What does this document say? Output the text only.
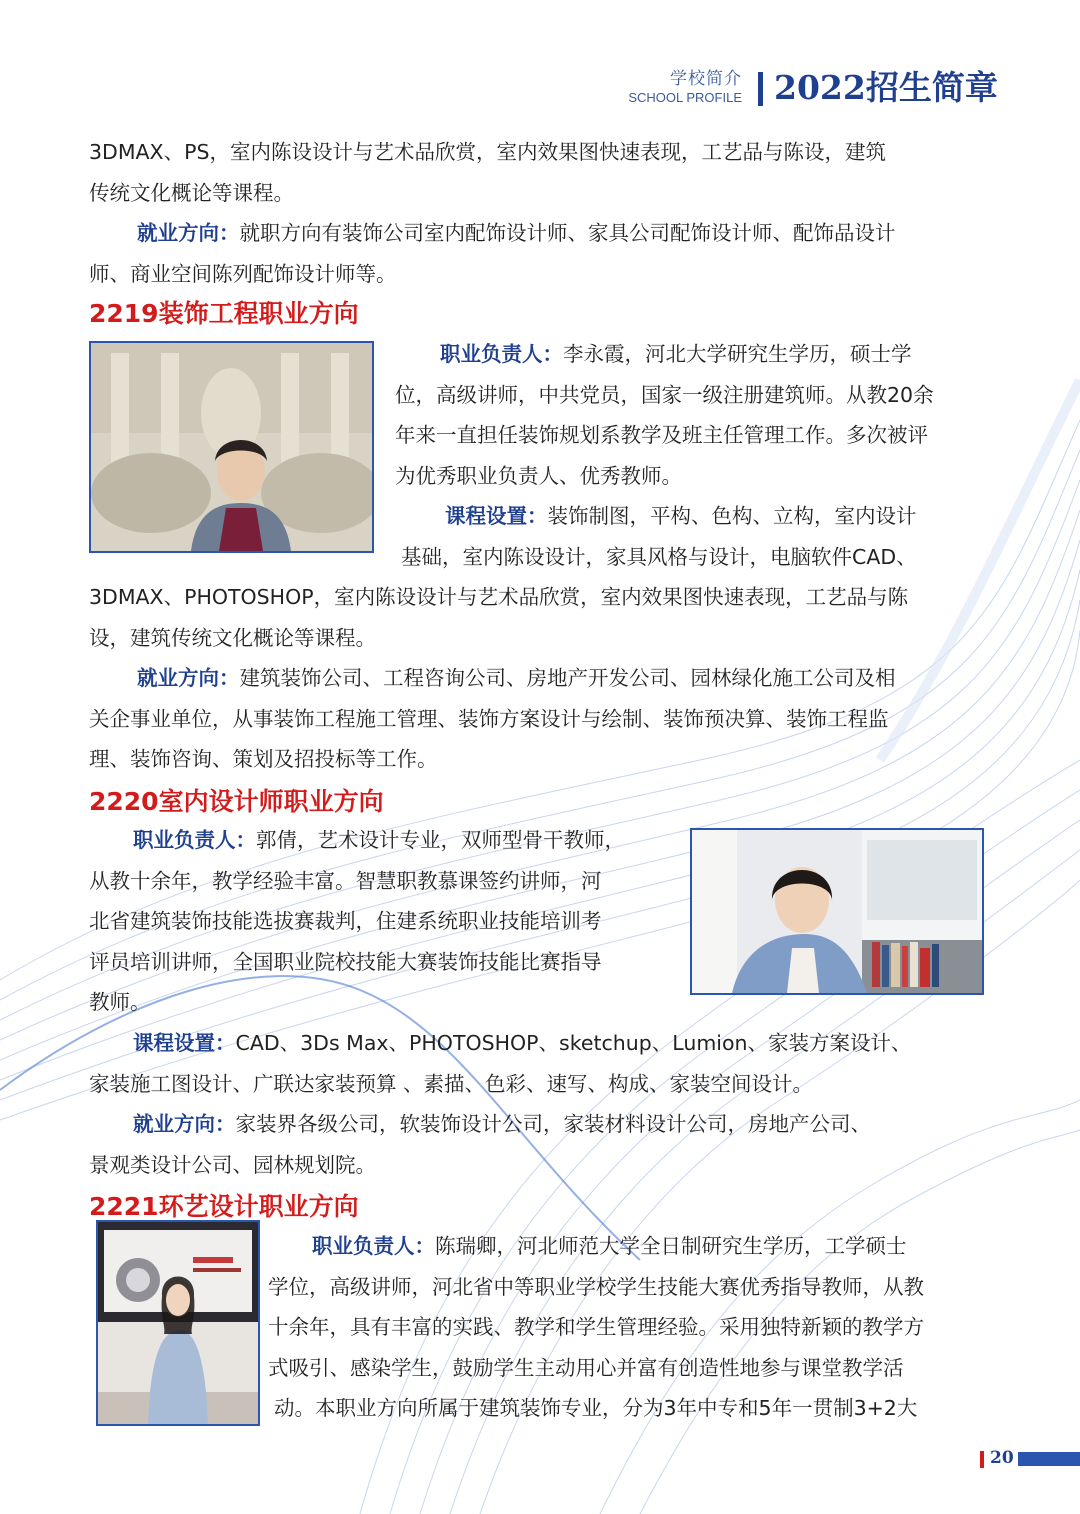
学校简介
SCHOOL PROFILE 2022招生简章
3DMAX、PS，室内陈设设计与艺术品欣赏，室内效果图快速表现，工艺品与陈设，建筑
传统文化概论等课程。
就业方向：就职方向有装饰公司室内配饰设计师、家具公司配饰设计师、配饰品设计
师、商业空间陈列配饰设计师等。
2219装饰工程职业方向
职业负责人：李永霞，河北大学研究生学历，硕士学
位，高级讲师，中共党员，国家一级注册建筑师。从教20余
年来一直担任装饰规划系教学及班主任管理工作。多次被评
为优秀职业负责人、优秀教师。
课程设置：装饰制图，平构、色构、立构，室内设计
基础，室内陈设设计，家具风格与设计，电脑软件CAD、
3DMAX、PHOTOSHOP，室内陈设设计与艺术品欣赏，室内效果图快速表现，工艺品与陈
设，建筑传统文化概论等课程。
就业方向：建筑装饰公司、工程咨询公司、房地产开发公司、园林绿化施工公司及相
关企事业单位，从事装饰工程施工管理、装饰方案设计与绘制、装饰预决算、装饰工程监
理、装饰咨询、策划及招投标等工作。
2220室内设计师职业方向
职业负责人：郭倩，艺术设计专业，双师型骨干教师，
从教十余年，教学经验丰富。智慧职教慕课签约讲师，河
北省建筑装饰技能选拔赛裁判，住建系统职业技能培训考
评员培训讲师，全国职业院校技能大赛装饰技能比赛指导
教师。
课程设置：CAD、3Ds Max、PHOTOSHOP、sketchup、Lumion、家装方案设计、
家装施工图设计、广联达家装预算 、素描、色彩、速写、构成、家装空间设计。
就业方向：家装界各级公司，软装饰设计公司，家装材料设计公司，房地产公司、
景观类设计公司、园林规划院。
2221环艺设计职业方向
职业负责人：陈瑞卿，河北师范大学全日制研究生学历，工学硕士
学位，高级讲师，河北省中等职业学校学生技能大赛优秀指导教师，从教
十余年，具有丰富的实践、教学和学生管理经验。采用独特新颖的教学方
式吸引、感染学生，鼓励学生主动用心并富有创造性地参与课堂教学活
动。本职业方向所属于建筑装饰专业，分为3年中专和5年一贯制3+2大
20
